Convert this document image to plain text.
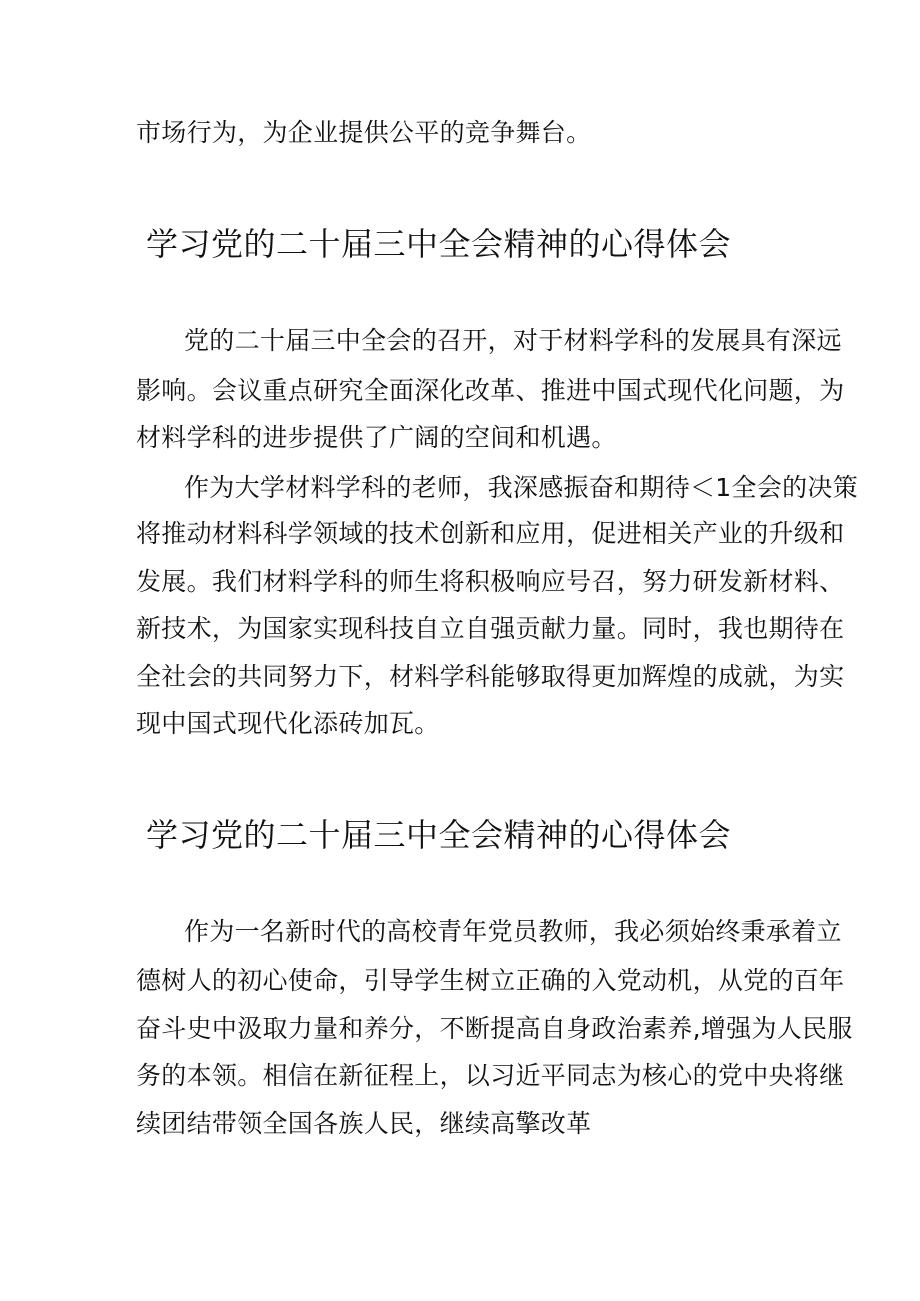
市场行为，为企业提供公平的竞争舞台。
学习党的二十届三中全会精神的心得体会
党的二十届三中全会的召开，对于材料学科的发展具有深远
影响。会议重点研究全面深化改革、推进中国式现代化问题，为
材料学科的进步提供了广阔的空间和机遇。
作为大学材料学科的老师，我深感振奋和期待＜1全会的决策
将推动材料科学领域的技术创新和应用，促进相关产业的升级和
发展。我们材料学科的师生将积极响应号召，努力研发新材料、
新技术，为国家实现科技自立自强贡献力量。同时，我也期待在
全社会的共同努力下，材料学科能够取得更加辉煌的成就，为实
现中国式现代化添砖加瓦。
学习党的二十届三中全会精神的心得体会
作为一名新时代的高校青年党员教师，我必须始终秉承着立
德树人的初心使命，引导学生树立正确的入党动机，从党的百年
奋斗史中汲取力量和养分，不断提高自身政治素养,增强为人民服
务的本领。相信在新征程上，以习近平同志为核心的党中央将继
续团结带领全国各族人民，继续高擎改革
